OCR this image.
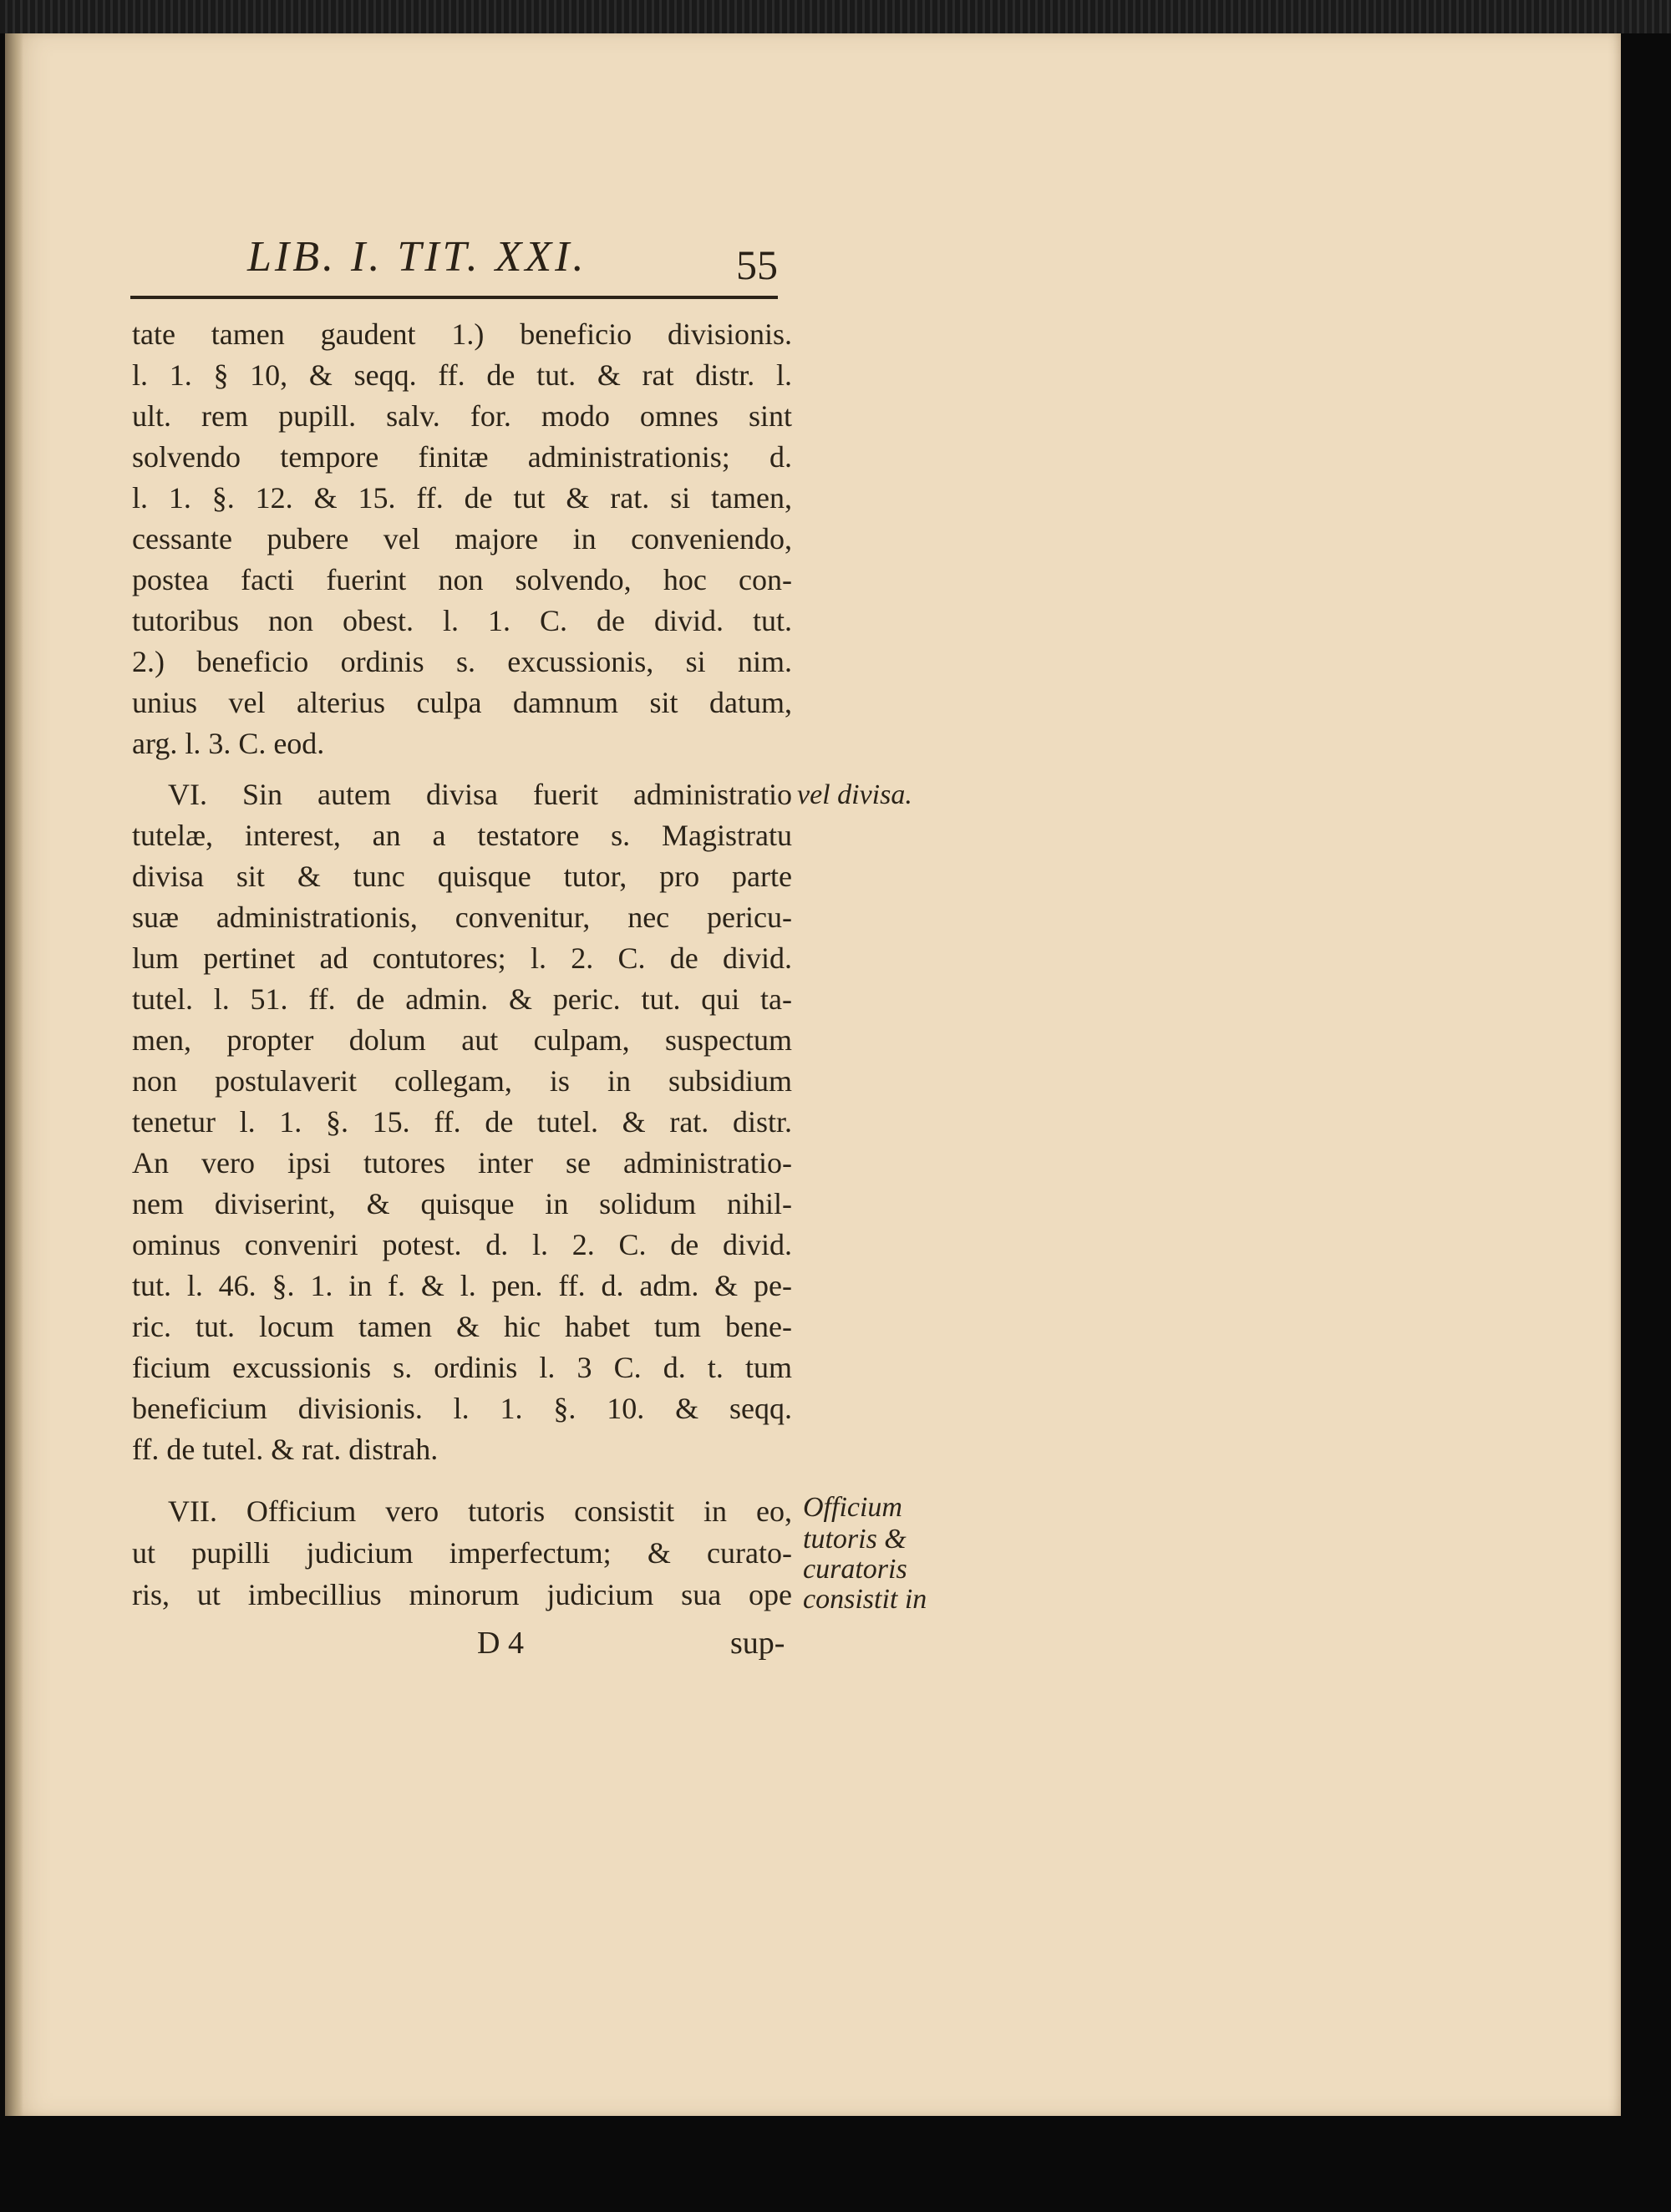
LIB. I. TIT. XXI.	55
tate tamen gaudent 1.) beneficio divisionis.
l. 1. § 10, & seqq. ff. de tut. & rat distr. l.
ult. rem pupill. salv. for. modo omnes sint
solvendo tempore finitæ administrationis; d.
l. 1. §. 12. & 15. ff. de tut & rat. si tamen,
cessante pubere vel majore in conveniendo,
postea facti fuerint non solvendo, hoc con-
tutoribus non obest. l. 1. C. de divid. tut.
2.) beneficio ordinis s. excussionis, si nim.
unius vel alterius culpa damnum sit datum,
arg. l. 3. C. eod.
VI. Sin autem divisa fuerit administratio
tutelæ, interest, an a testatore s. Magistratu
divisa sit & tunc quisque tutor, pro parte
suæ administrationis, convenitur, nec pericu-
lum pertinet ad contutores; l. 2. C. de divid.
tutel. l. 51. ff. de admin. & peric. tut. qui ta-
men, propter dolum aut culpam, suspectum
non postulaverit collegam, is in subsidium
tenetur l. 1. §. 15. ff. de tutel. & rat. distr.
An vero ipsi tutores inter se administratio-
nem diviserint, & quisque in solidum nihil-
ominus conveniri potest. d. l. 2. C. de divid.
tut. l. 46. §. 1. in f. & l. pen. ff. d. adm. & pe-
ric. tut. locum tamen & hic habet tum bene-
ficium excussionis s. ordinis l. 3 C. d. t. tum
beneficium divisionis. l. 1. §. 10. & seqq.
ff. de tutel. & rat. distrah.
VII. Officium vero tutoris consistit in eo,
ut pupilli judicium imperfectum; & curato-
ris, ut imbecillius minorum judicium sua ope
vel divisa.
Officium
tutoris &
curatoris
consistit in
D 4	sup-
